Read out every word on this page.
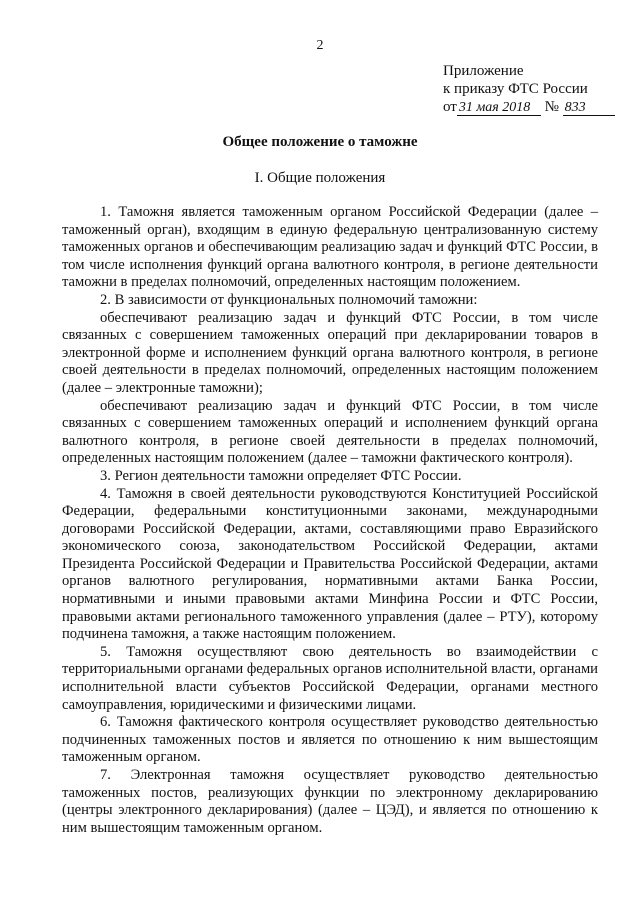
2
Приложение
к приказу ФТС России
от 31 мая 2018 № 833
Общее положение о таможне
I. Общие положения

1. Таможня является таможенным органом Российской Федерации (далее – таможенный орган), входящим в единую федеральную централизованную систему таможенных органов и обеспечивающим реализацию задач и функций ФТС России, в том числе исполнения функций органа валютного контроля, в регионе деятельности таможни в пределах полномочий, определенных настоящим положением.

2. В зависимости от функциональных полномочий таможни:

обеспечивают реализацию задач и функций ФТС России, в том числе связанных с совершением таможенных операций при декларировании товаров в электронной форме и исполнением функций органа валютного контроля, в регионе своей деятельности в пределах полномочий, определенных настоящим положением (далее – электронные таможни);

обеспечивают реализацию задач и функций ФТС России, в том числе связанных с совершением таможенных операций и исполнением функций органа валютного контроля, в регионе своей деятельности в пределах полномочий, определенных настоящим положением (далее – таможни фактического контроля).

3. Регион деятельности таможни определяет ФТС России.

4. Таможня в своей деятельности руководствуются Конституцией Российской Федерации, федеральными конституционными законами, международными договорами Российской Федерации, актами, составляющими право Евразийского экономического союза, законодательством Российской Федерации, актами Президента Российской Федерации и Правительства Российской Федерации, актами органов валютного регулирования, нормативными актами Банка России, нормативными и иными правовыми актами Минфина России и ФТС России, правовыми актами регионального таможенного управления (далее – РТУ), которому подчинена таможня, а также настоящим положением.

5. Таможня осуществляют свою деятельность во взаимодействии с территориальными органами федеральных органов исполнительной власти, органами исполнительной власти субъектов Российской Федерации, органами местного самоуправления, юридическими и физическими лицами.

6. Таможня фактического контроля осуществляет руководство деятельностью подчиненных таможенных постов и является по отношению к ним вышестоящим таможенным органом.

7. Электронная таможня осуществляет руководство деятельностью таможенных постов, реализующих функции по электронному декларированию (центры электронного декларирования) (далее – ЦЭД), и является по отношению к ним вышестоящим таможенным органом.
